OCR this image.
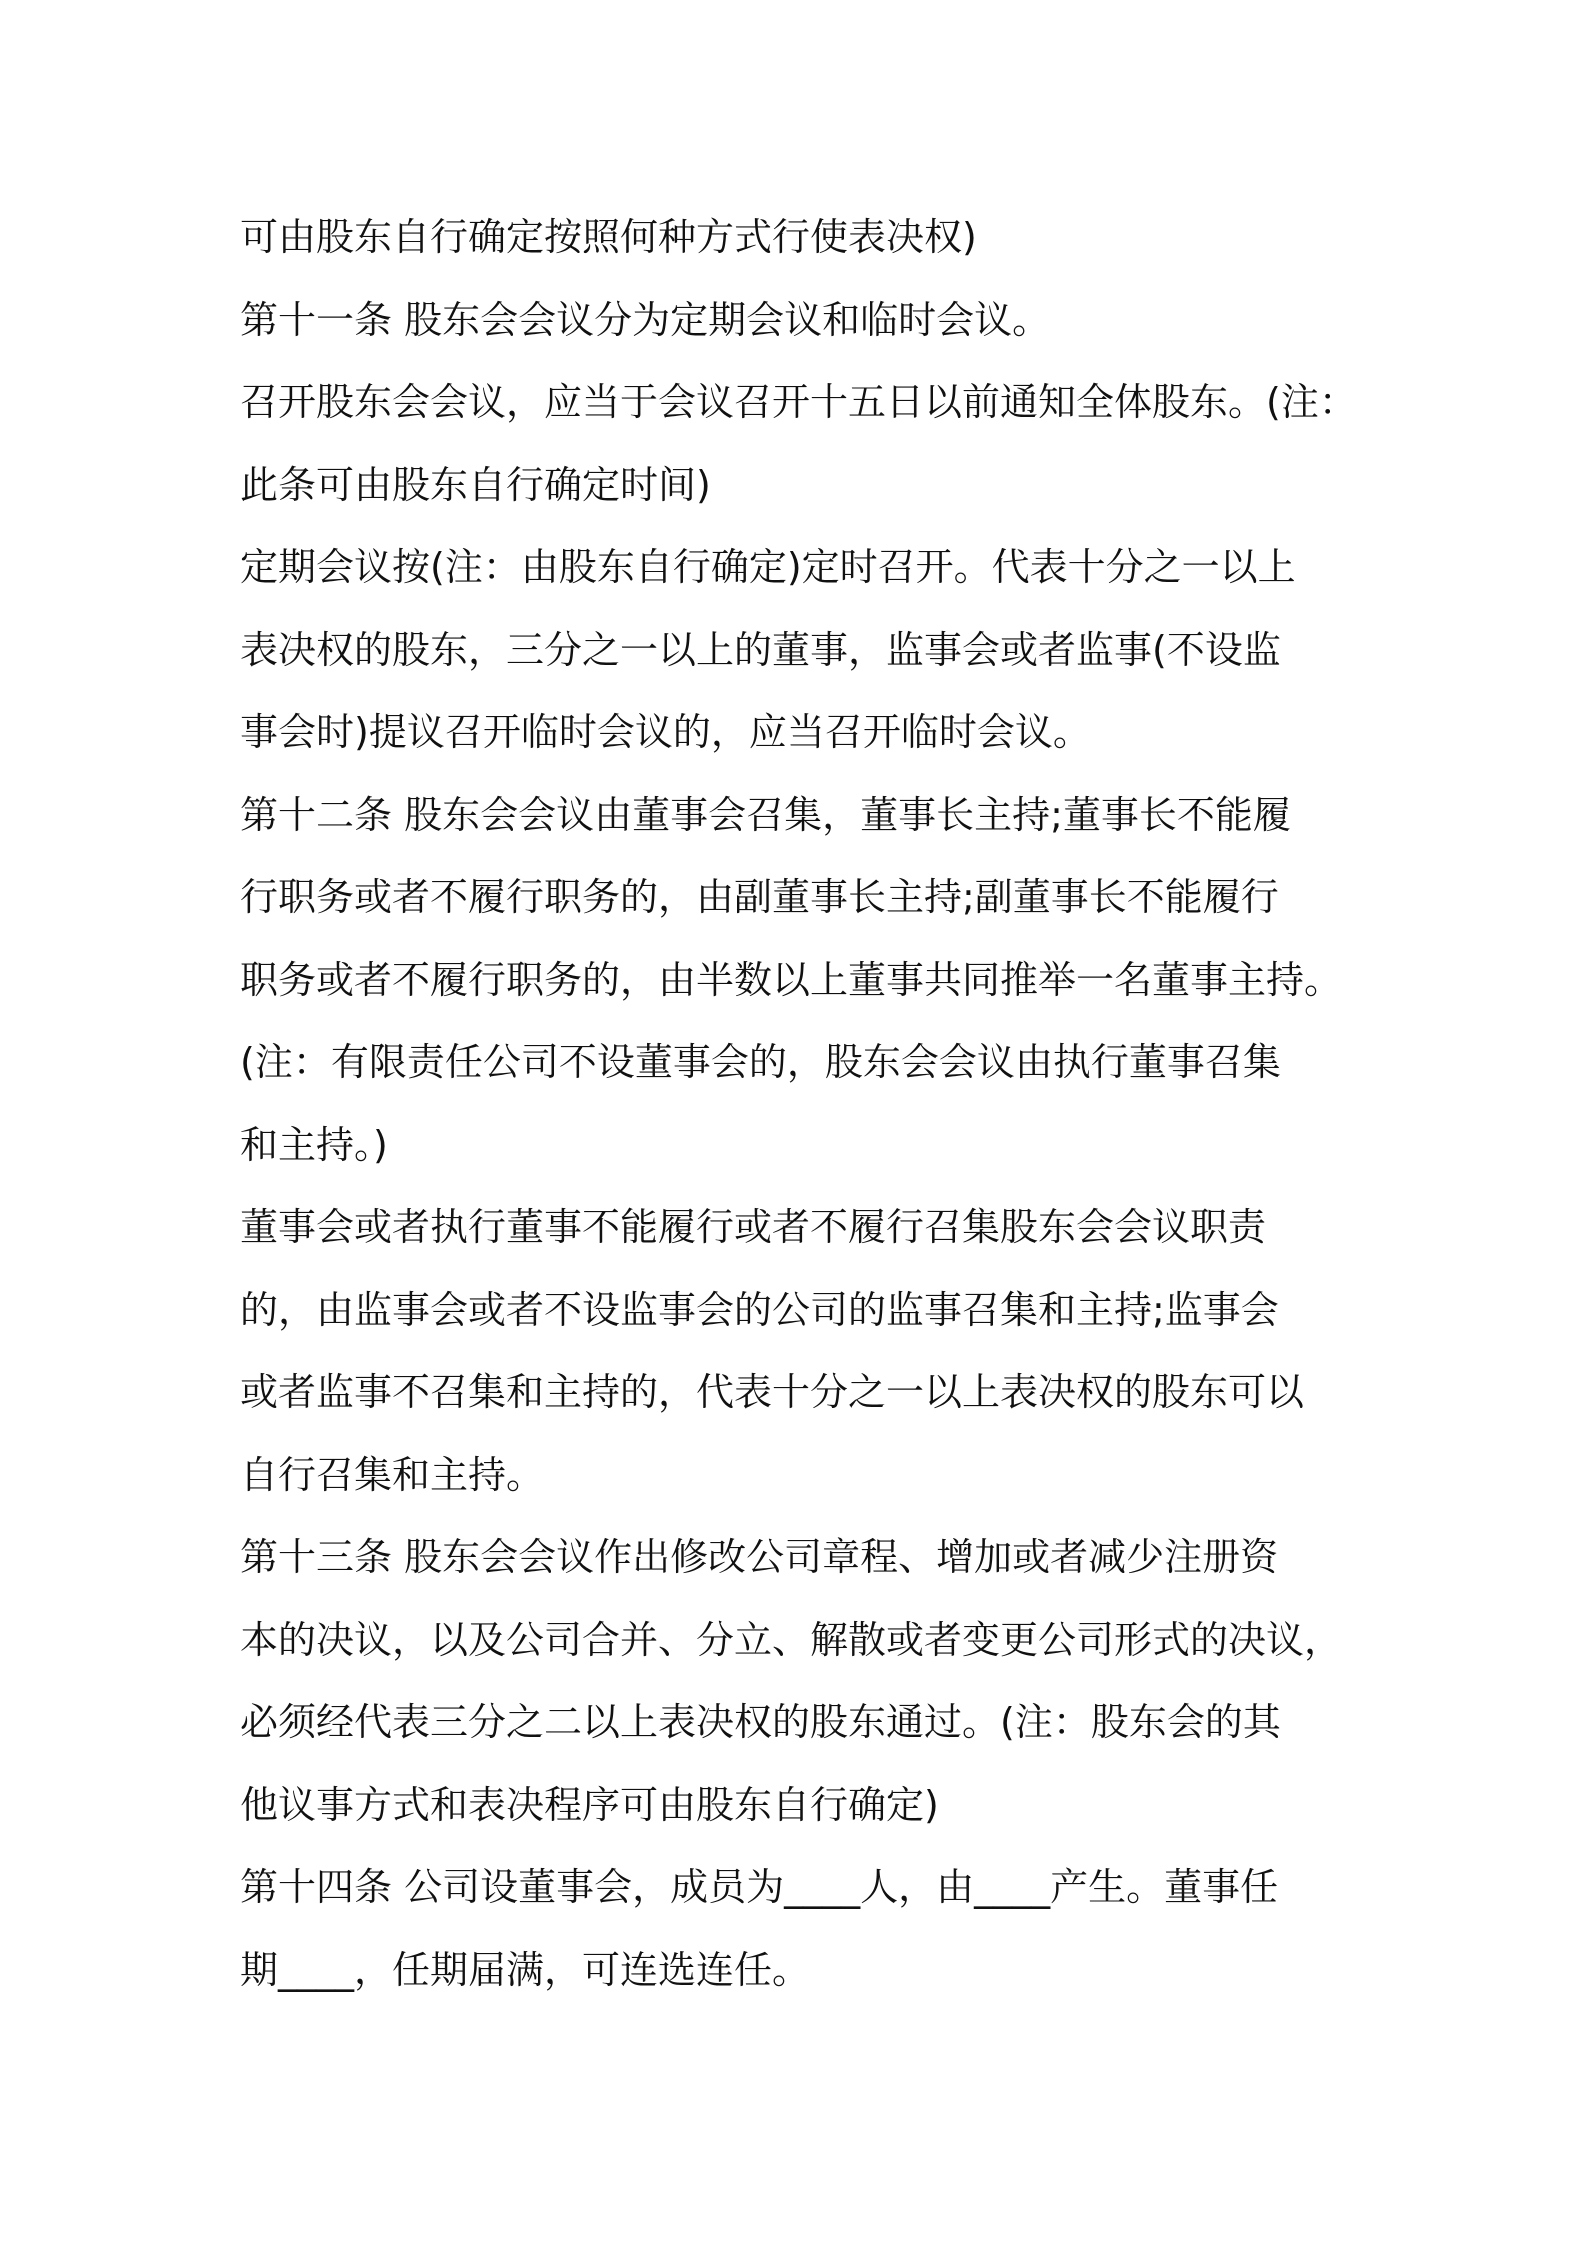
可由股东自行确定按照何种方式行使表决权)
第十一条 股东会会议分为定期会议和临时会议。
召开股东会会议，应当于会议召开十五日以前通知全体股东。(注：
此条可由股东自行确定时间)
定期会议按(注：由股东自行确定)定时召开。代表十分之一以上
表决权的股东，三分之一以上的董事，监事会或者监事(不设监
事会时)提议召开临时会议的，应当召开临时会议。
第十二条 股东会会议由董事会召集，董事长主持;董事长不能履
行职务或者不履行职务的，由副董事长主持;副董事长不能履行
职务或者不履行职务的，由半数以上董事共同推举一名董事主持。
(注：有限责任公司不设董事会的，股东会会议由执行董事召集
和主持。)
董事会或者执行董事不能履行或者不履行召集股东会会议职责
的，由监事会或者不设监事会的公司的监事召集和主持;监事会
或者监事不召集和主持的，代表十分之一以上表决权的股东可以
自行召集和主持。
第十三条 股东会会议作出修改公司章程、增加或者减少注册资
本的决议，以及公司合并、分立、解散或者变更公司形式的决议，
必须经代表三分之二以上表决权的股东通过。(注：股东会的其
他议事方式和表决程序可由股东自行确定)
第十四条 公司设董事会，成员为____人，由____产生。董事任
期____，任期届满，可连选连任。
